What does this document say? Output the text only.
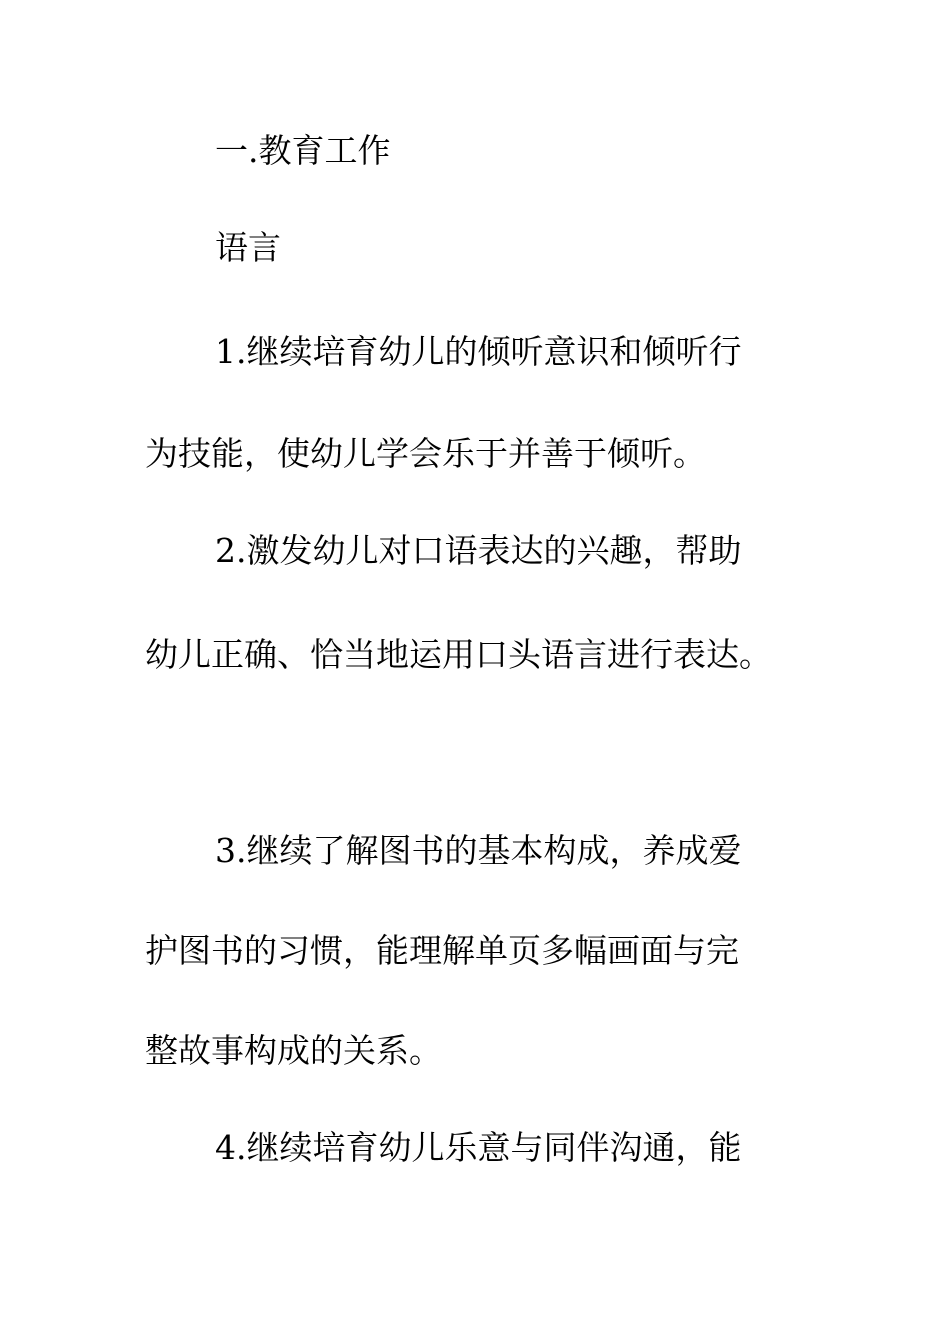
一.教育工作
语言
1.继续培育幼儿的倾听意识和倾听行
为技能，使幼儿学会乐于并善于倾听。
2.激发幼儿对口语表达的兴趣，帮助
幼儿正确、恰当地运用口头语言进行表达。
3.继续了解图书的基本构成，养成爱
护图书的习惯，能理解单页多幅画面与完
整故事构成的关系。
4.继续培育幼儿乐意与同伴沟通，能
